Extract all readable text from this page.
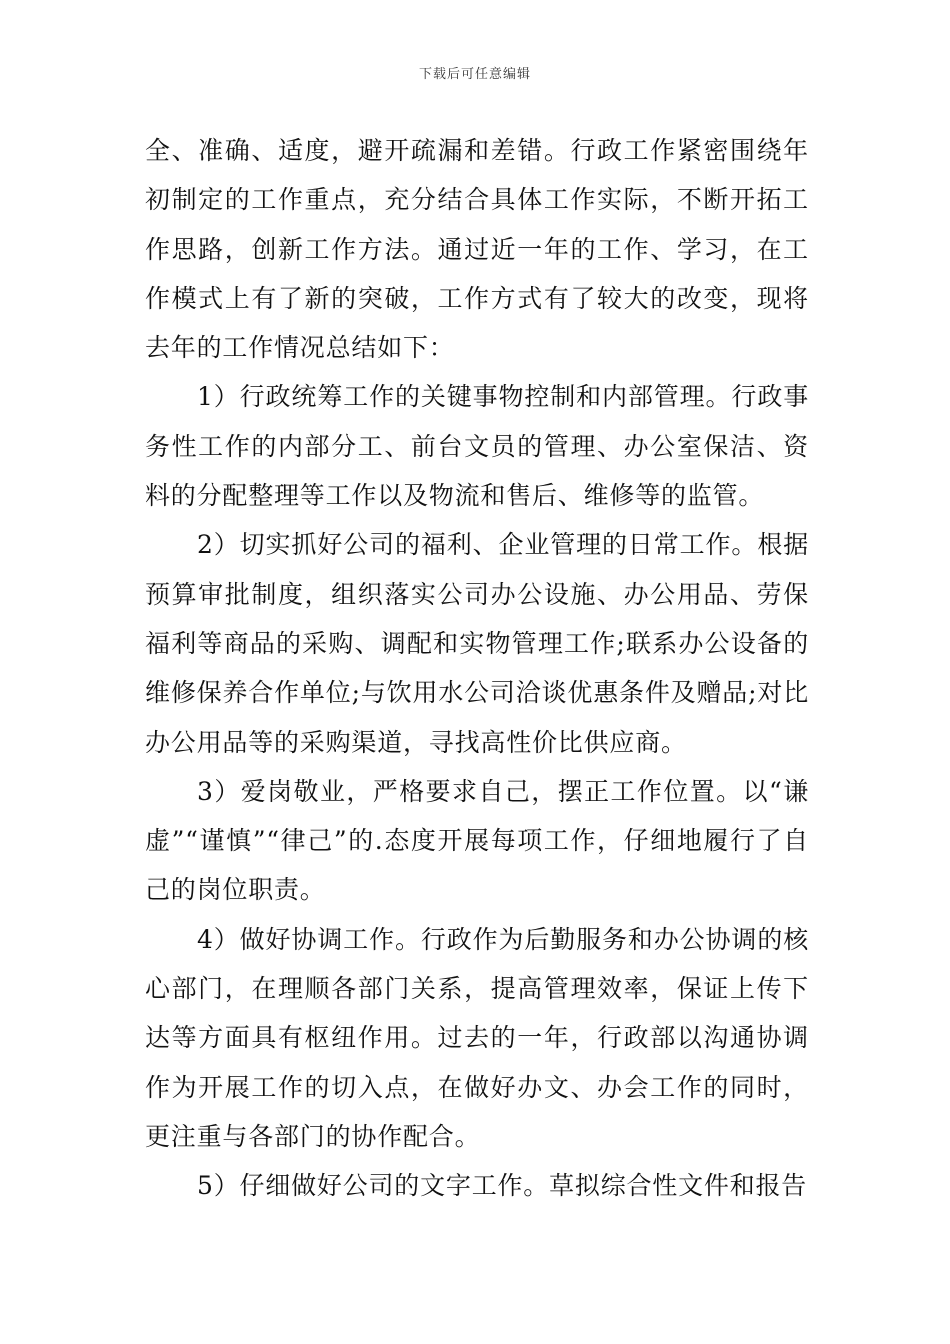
下载后可任意编辑

全、准确、适度，避开疏漏和差错。行政工作紧密围绕年初制定的工作重点，充分结合具体工作实际，不断开拓工作思路，创新工作方法。通过近一年的工作、学习，在工作模式上有了新的突破，工作方式有了较大的改变，现将去年的工作情况总结如下：

1）行政统筹工作的关键事物控制和内部管理。行政事务性工作的内部分工、前台文员的管理、办公室保洁、资料的分配整理等工作以及物流和售后、维修等的监管。

2）切实抓好公司的福利、企业管理的日常工作。根据预算审批制度，组织落实公司办公设施、办公用品、劳保福利等商品的采购、调配和实物管理工作;联系办公设备的维修保养合作单位;与饮用水公司洽谈优惠条件及赠品;对比办公用品等的采购渠道，寻找高性价比供应商。

3）爱岗敬业，严格要求自己，摆正工作位置。以“谦虚”“谨慎”“律己”的.态度开展每项工作，仔细地履行了自己的岗位职责。

4）做好协调工作。行政作为后勤服务和办公协调的核心部门，在理顺各部门关系，提高管理效率，保证上传下达等方面具有枢纽作用。过去的一年，行政部以沟通协调作为开展工作的切入点，在做好办文、办会工作的同时，更注重与各部门的协作配合。

5）仔细做好公司的文字工作。草拟综合性文件和报告
